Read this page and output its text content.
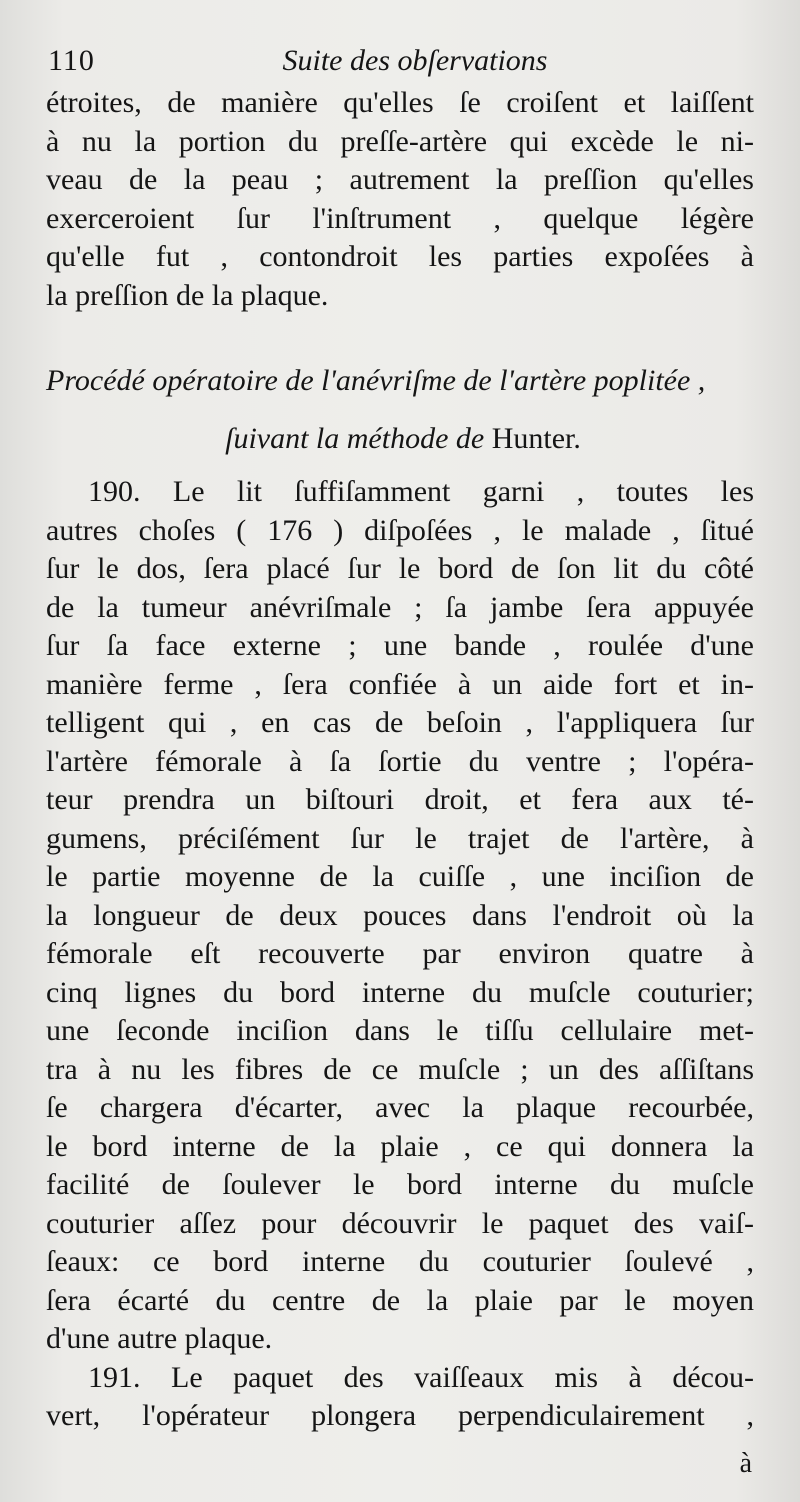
110	Suite des obſervations
étroites, de manière qu'elles ſe croiſent et laiſſent
à nu la portion du preſſe-artère qui excède le ni-
veau de la peau ; autrement la preſſion qu'elles
exerceroient ſur l'inſtrument , quelque légère
qu'elle fut , contondroit les parties expoſées à
la preſſion de la plaque.
Procédé opératoire de l'anévriſme de l'artère poplitée ,
ſuivant la méthode de Hunter.
190. Le lit ſuffiſamment garni , toutes les
autres choſes ( 176 ) diſpoſées , le malade , ſitué
ſur le dos, ſera placé ſur le bord de ſon lit du côté
de la tumeur anévriſmale ; ſa jambe ſera appuyée
ſur ſa face externe ; une bande , roulée d'une
manière ferme , ſera confiée à un aide fort et in-
telligent qui , en cas de beſoin , l'appliquera ſur
l'artère fémorale à ſa ſortie du ventre ; l'opéra-
teur prendra un biſtouri droit, et fera aux té-
gumens, préciſément ſur le trajet de l'artère, à
le partie moyenne de la cuiſſe , une inciſion de
la longueur de deux pouces dans l'endroit où la
fémorale eſt recouverte par environ quatre à
cinq lignes du bord interne du muſcle couturier;
une ſeconde inciſion dans le tiſſu cellulaire met-
tra à nu les fibres de ce muſcle ; un des aſſiſtans
ſe chargera d'écarter, avec la plaque recourbée,
le bord interne de la plaie , ce qui donnera la
facilité de ſoulever le bord interne du muſcle
couturier aſſez pour découvrir le paquet des vaiſ-
ſeaux: ce bord interne du couturier ſoulevé ,
ſera écarté du centre de la plaie par le moyen
d'une autre plaque.
191. Le paquet des vaiſſeaux mis à décou-
vert, l'opérateur plongera perpendiculairement ,
à
